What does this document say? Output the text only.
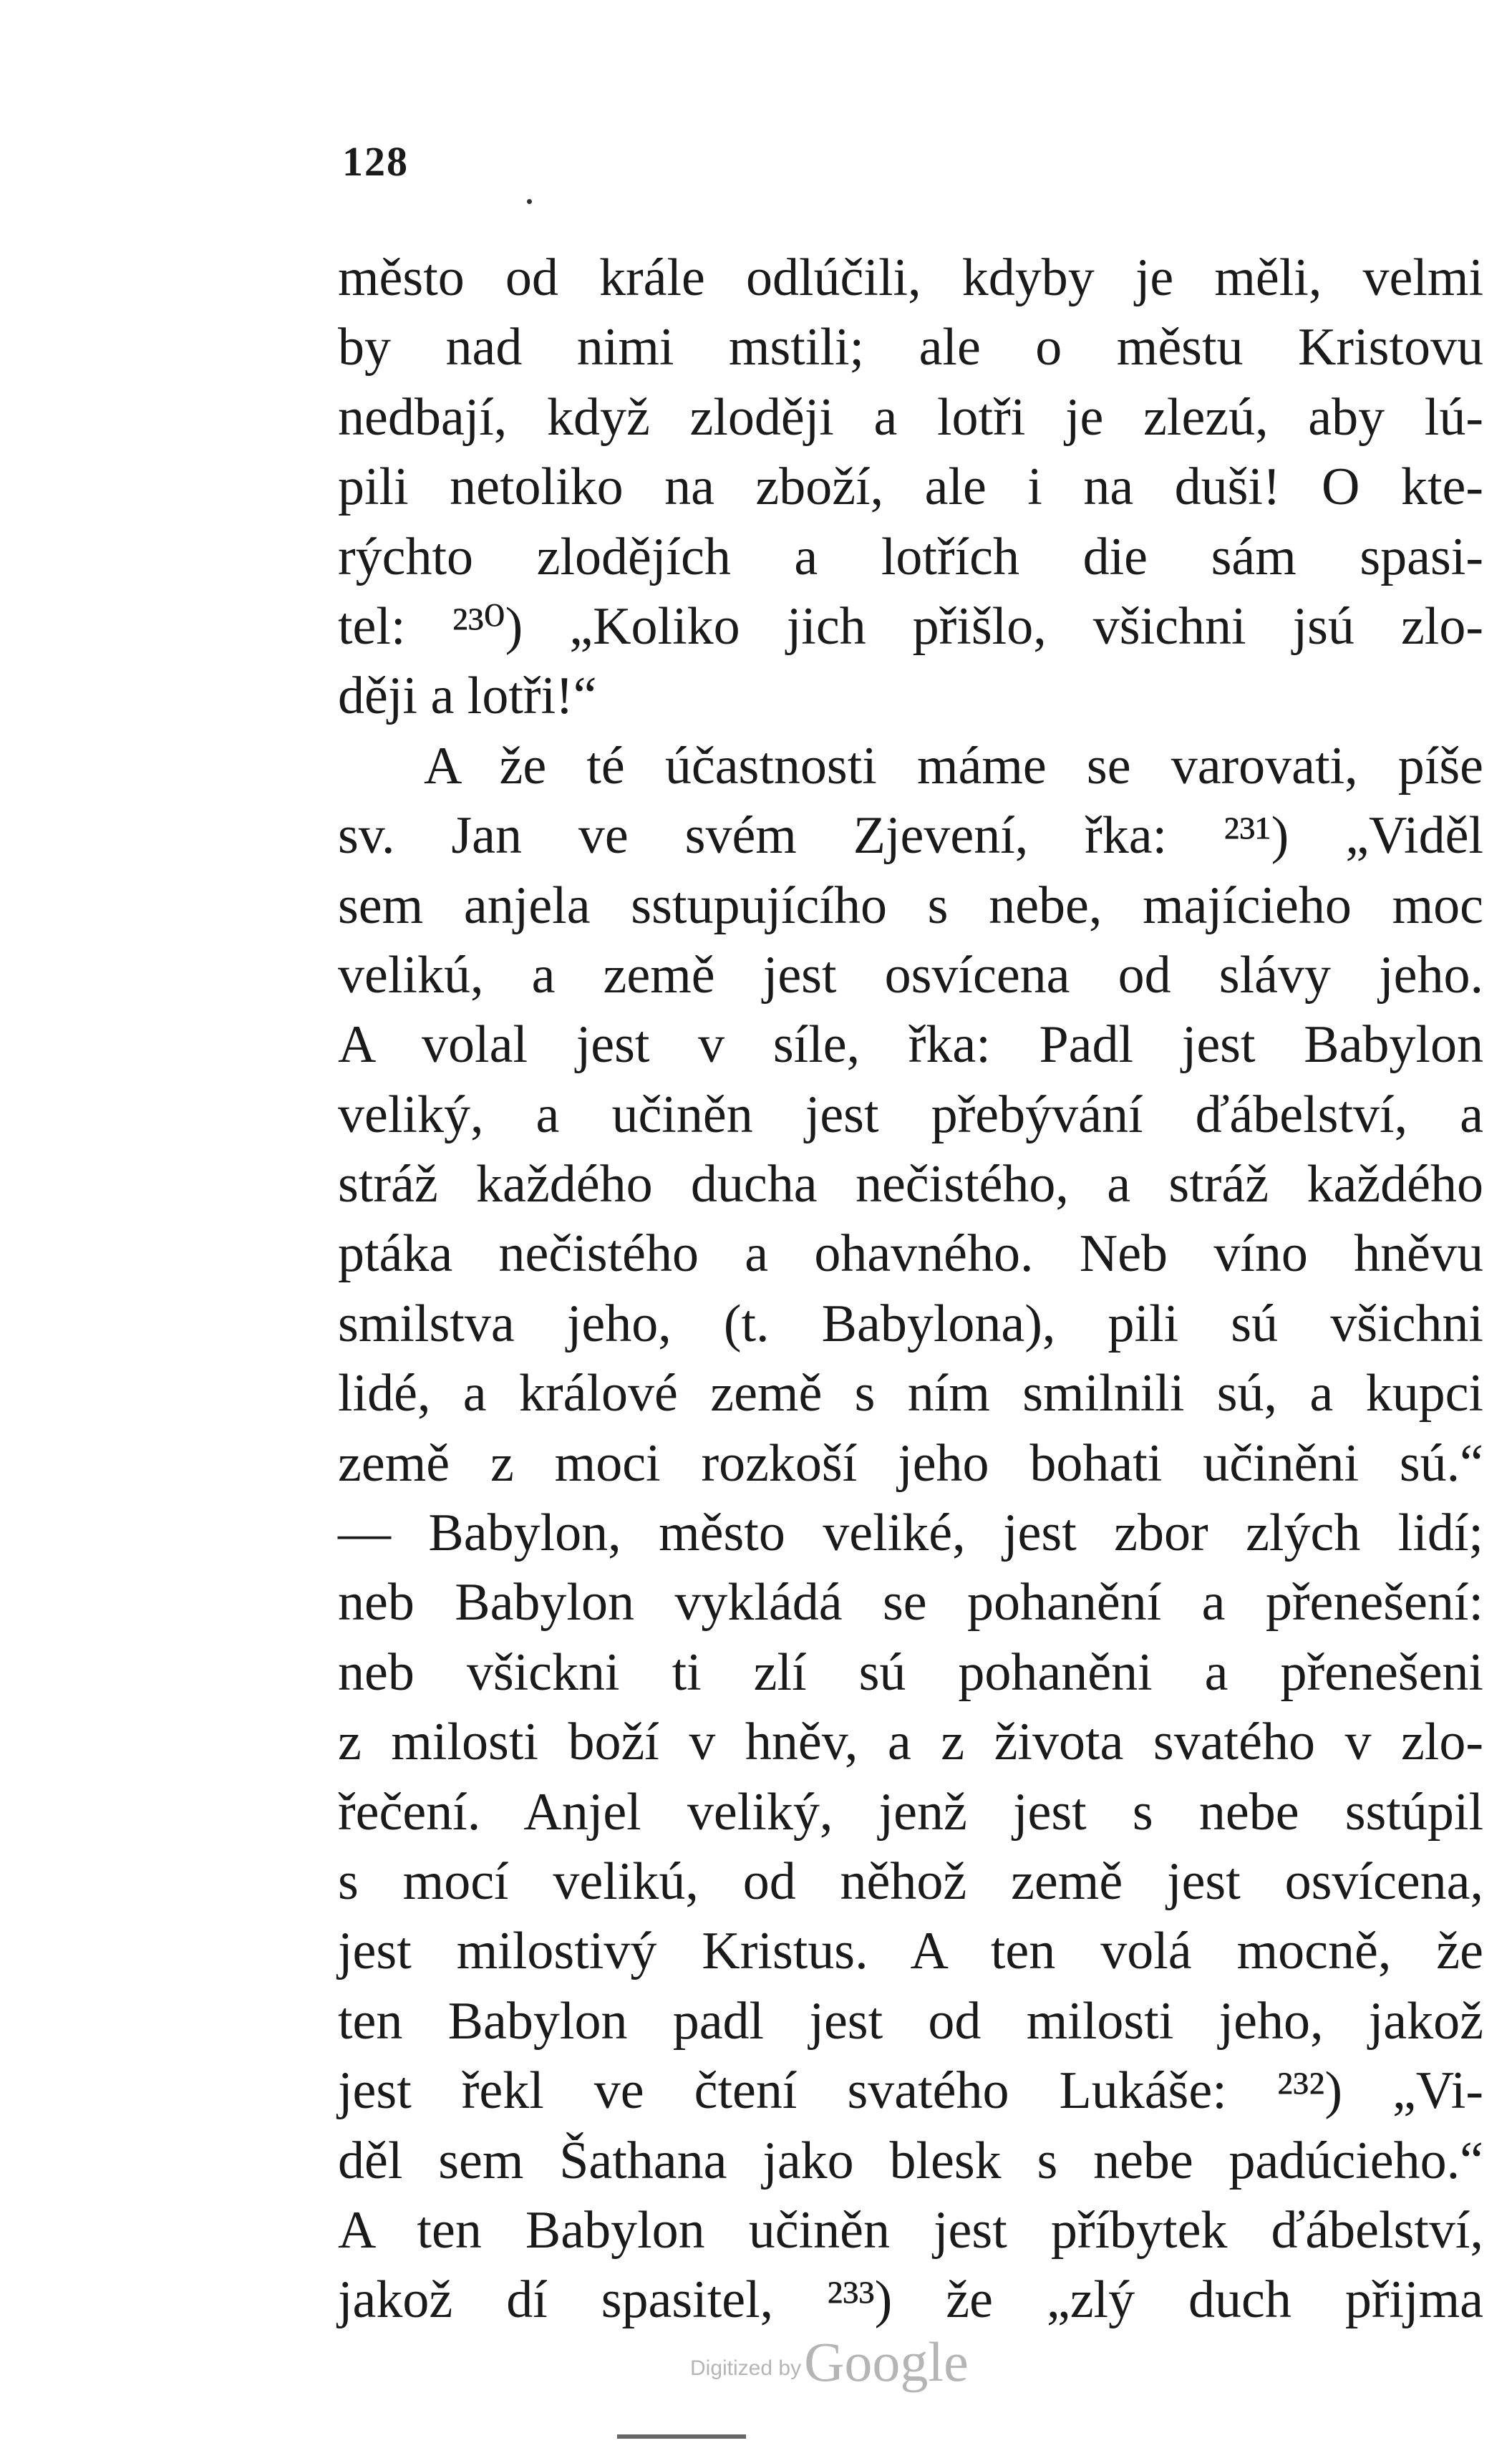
128
město od krále odlúčili, kdyby je měli, velmi
by nad nimi mstili; ale o městu Kristovu
nedbají, když zloději a lotři je zlezú, aby lú-
pili netoliko na zboží, ale i na duši! O kte-
rýchto zlodějích a lotřích die sám spasi-
tel: ²³⁰) „Koliko jich přišlo, všichni jsú zlo-
ději a lotři!“
A že té účastnosti máme se varovati, píše
sv. Jan ve svém Zjevení, řka: ²³¹) „Viděl
sem anjela sstupujícího s nebe, majícieho moc
velikú, a země jest osvícena od slávy jeho.
A volal jest v síle, řka: Padl jest Babylon
veliký, a učiněn jest přebývání ďábelství, a
stráž každého ducha nečistého, a stráž každého
ptáka nečistého a ohavného. Neb víno hněvu
smilstva jeho, (t. Babylona), pili sú všichni
lidé, a králové země s ním smilnili sú, a kupci
země z moci rozkoší jeho bohati učiněni sú.“
— Babylon, město veliké, jest zbor zlých lidí;
neb Babylon vykládá se pohanění a přenešení:
neb všickni ti zlí sú pohaněni a přenešeni
z milosti boží v hněv, a z života svatého v zlo-
řečení. Anjel veliký, jenž jest s nebe sstúpil
s mocí velikú, od něhož země jest osvícena,
jest milostivý Kristus. A ten volá mocně, že
ten Babylon padl jest od milosti jeho, jakož
jest řekl ve čtení svatého Lukáše: ²³²) „Vi-
děl sem Šathana jako blesk s nebe padúcieho.“
A ten Babylon učiněn jest příbytek ďábelství,
jakož dí spasitel, ²³³) že „zlý duch přijma
Digitized by Google
